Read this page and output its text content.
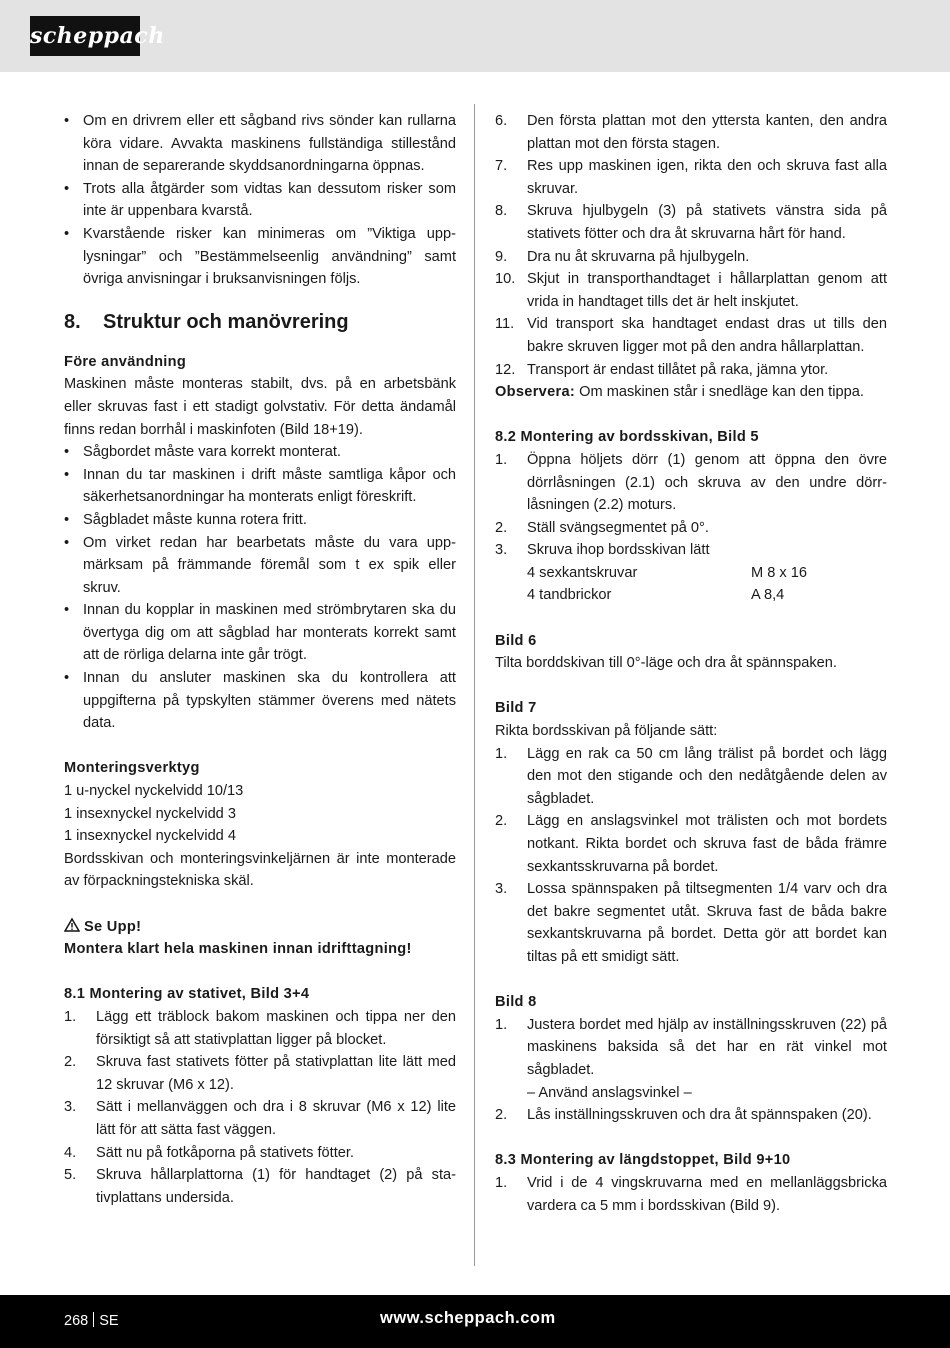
scheppach
• Om en drivrem eller ett sågband rivs sönder kan rullarna köra vidare. Avvakta maskinens fullständiga stillestånd innan de separerande skyddsanordningarna öppnas.
• Trots alla åtgärder som vidtas kan dessutom risker som inte är uppenbara kvarstå.
• Kvarstående risker kan minimeras om ”Viktiga upplysningar” och ”Bestämmelseenlig användning” samt övriga anvisningar i bruksanvisningen följs.
8. Struktur och manövrering

Före användning

Maskinen måste monteras stabilt, dvs. på en arbetsbänk eller skruvas fast i ett stadigt golvstativ. För detta ändamål finns redan borrhål i maskinfoten (Bild 18+19).

• Sågbordet måste vara korrekt monterat.
• Innan du tar maskinen i drift måste samtliga kåpor och säkerhetsanordningar ha monterats enligt föreskrift.
• Sågbladet måste kunna rotera fritt.
• Om virket redan har bearbetats måste du vara uppmärksam på främmande föremål som t ex spik eller skruv.
• Innan du kopplar in maskinen med strömbrytaren ska du övertyga dig om att sågblad har monterats korrekt samt att de rörliga delarna inte går trögt.
• Innan du ansluter maskinen ska du kontrollera att uppgifterna på typskylten stämmer överens med nätets data.

Monteringsverktyg

1 u-nyckel nyckelvidd 10/13

1 insexnyckel nyckelvidd 3

1 insexnyckel nyckelvidd 4

Bordsskivan och monteringsvinkeljärnen är inte monterade av förpackningstekniska skäl.

Se Upp!

Montera klart hela maskinen innan idrifttagning!

8.1 Montering av stativet, Bild 3+4

1. Lägg ett träblock bakom maskinen och tippa ner den försiktigt så att stativplattan ligger på blocket.
2. Skruva fast stativets fötter på stativplattan lite lätt med 12 skruvar (M6 x 12).
3. Sätt i mellanväggen och dra i 8 skruvar (M6 x 12) lite lätt för att sätta fast väggen.
4. Sätt nu på fotkåporna på stativets fötter.
5. Skruva hållarplattorna (1) för handtaget (2) på stativplattans undersida.
6. Den första plattan mot den yttersta kanten, den andra plattan mot den första stagen.
7. Res upp maskinen igen, rikta den och skruva fast alla skruvar.
8. Skruva hjulbygeln (3) på stativets vänstra sida på stativets fötter och dra åt skruvarna hårt för hand.
9. Dra nu åt skruvarna på hjulbygeln.
10. Skjut in transporthandtaget i hållarplattan genom att vrida in handtaget tills det är helt inskjutet.
11. Vid transport ska handtaget endast dras ut tills den bakre skruven ligger mot på den andra hållarplattan.
12. Transport är endast tillåtet på raka, jämna ytor.

Observera: Om maskinen står i snedläge kan den tippa.

8.2 Montering av bordsskivan, Bild 5

1. Öppna höljets dörr (1) genom att öppna den övre dörrlåsningen (2.1) och skruva av den undre dörrlåsningen (2.2) moturs.
2. Ställ svängsegmentet på 0°.
3. Skruva ihop bordsskivan lätt
4 sexkantskruvar	M 8 x 16
4 tandbrickor	A 8,4

Bild 6

Tilta borddskivan till 0°-läge och dra åt spännspaken.

Bild 7

Rikta bordsskivan på följande sätt:

1. Lägg en rak ca 50 cm lång trälist på bordet och lägg den mot den stigande och den nedåtgående delen av sågbladet.
2. Lägg en anslagsvinkel mot trälisten och mot bordets notkant. Rikta bordet och skruva fast de båda främre sexkantsskruvarna på bordet.
3. Lossa spännspaken på tiltsegmenten 1/4 varv och dra det bakre segmentet utåt. Skruva fast de båda bakre sexkantskruvarna på bordet. Detta gör att bordet kan tiltas på ett smidigt sätt.

Bild 8

1. Justera bordet med hjälp av inställningsskruven (22) på maskinens baksida så det har en rät vinkel mot sågbladet.
– Använd anslagsvinkel –
2. Lås inställningsskruven och dra åt spännspaken (20).

8.3 Montering av längdstoppet, Bild 9+10

1. Vrid i de 4 vingskruvarna med en mellanläggsbricka vardera ca 5 mm i bordsskivan (Bild 9).
268 SE	www.scheppach.com
